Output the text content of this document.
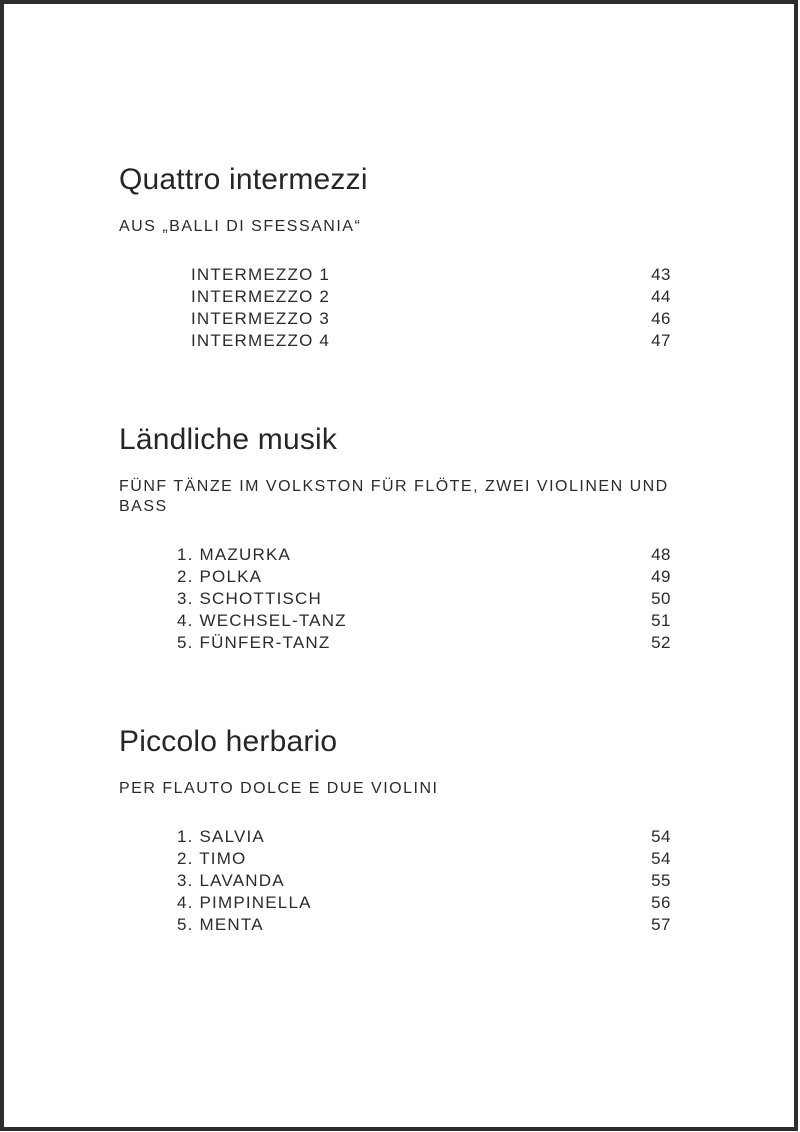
Quattro intermezzi

AUS „BALLI DI SFESSANIA“

INTERMEZZO 1	43
INTERMEZZO 2	44
INTERMEZZO 3	46
INTERMEZZO 4	47
Ländliche musik

FÜNF TÄNZE IM VOLKSTON FÜR FLÖTE, ZWEI VIOLINEN UND BASS

1. MAZURKA	48
2. POLKA	49
3. SCHOTTISCH	50
4. WECHSEL-TANZ	51
5. FÜNFER-TANZ	52
Piccolo herbario

PER FLAUTO DOLCE E DUE VIOLINI

1. SALVIA	54
2. TIMO	54
3. LAVANDA	55
4. PIMPINELLA	56
5. MENTA	57
